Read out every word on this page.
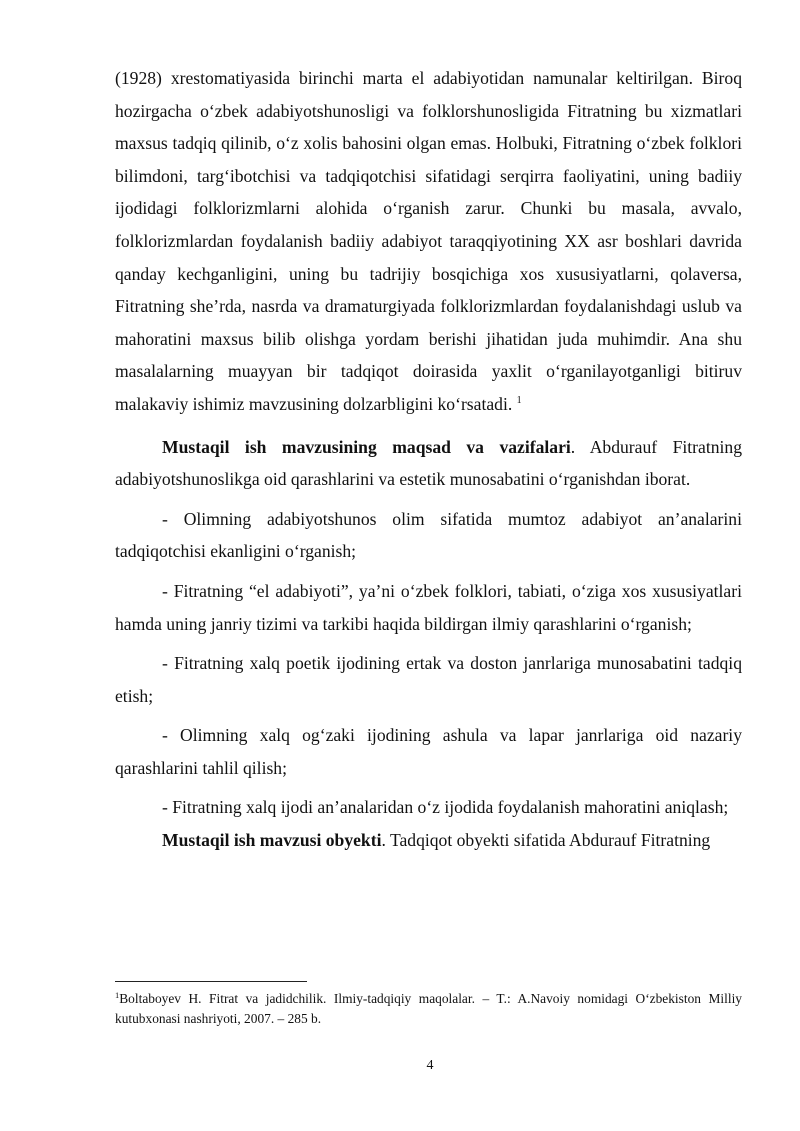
(1928) xrestomatiyasida birinchi marta el adabiyotidan namunalar keltirilgan. Biroq hozirgacha o‘zbek adabiyotshunosligi va folklorshunosligida Fitratning bu xizmatlari maxsus tadqiq qilinib, o‘z xolis bahosini olgan emas. Holbuki, Fitratning o‘zbek folklori bilimdoni, targ‘ibotchisi va tadqiqotchisi sifatidagi serqirra faoliyatini, uning badiiy ijodidagi folklorizmlarni alohida o‘rganish zarur. Chunki bu masala, avvalo, folklorizmlardan foydalanish badiiy adabiyot taraqqiyotining XX asr boshlari davrida qanday kechganligini, uning bu tadrijiy bosqichiga xos xususiyatlarni, qolaversa, Fitratning she’rda, nasrda va dramaturgiyada folklorizmlardan foydalanishdagi uslub va mahoratini maxsus bilib olishga yordam berishi jihatidan juda muhimdir. Ana shu masalalarning muayyan bir tadqiqot doirasida yaxlit o‘rganilayotganligi bitiruv malakaviy ishimiz mavzusining dolzarbligini ko‘rsatadi. $^1$

Mustaqil ish mavzusining maqsad va vazifalari. Abdurauf Fitratning adabiyotshunoslikga oid qarashlarini va estetik munosabatini o‘rganishdan iborat.

- Olimning adabiyotshunos olim sifatida mumtoz adabiyot an’analarini tadqiqotchisi ekanligini o‘rganish;

- Fitratning “el adabiyoti”, ya’ni o‘zbek folklori, tabiati, o‘ziga xos xususiyatlari hamda uning janriy tizimi va tarkibi haqida bildirgan ilmiy qarashlarini o‘rganish;

- Fitratning xalq poetik ijodining ertak va doston janrlariga munosabatini tadqiq etish;

- Olimning xalq og‘zaki ijodining ashula va lapar janrlariga oid nazariy qarashlarini tahlil qilish;

- Fitratning xalq ijodi an’analaridan o‘z ijodida foydalanish mahoratini aniqlash;

Mustaqil ish mavzusi obyekti. Tadqiqot obyekti sifatida Abdurauf Fitratning

$^1$Boltaboyev H. Fitrat va jadidchilik. Ilmiy-tadqiqiy maqolalar. – T.: A.Navoiy nomidagi O‘zbekiston Milliy kutubxonasi nashriyoti, 2007. – 285 b.

4
